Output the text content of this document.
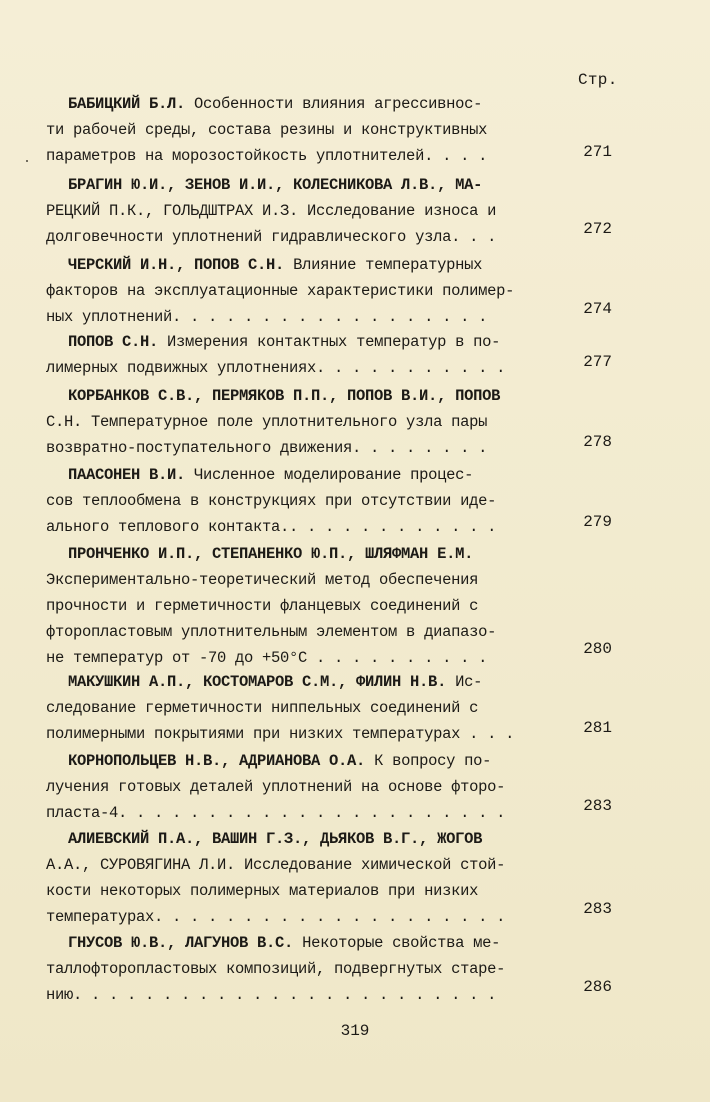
Стр.
БАБИЦКИЙ Б.Л. Особенности влияния агрессивнос-
ти рабочей среды, состава резины и конструктивных
параметров на морозостойкость уплотнителей. . . .	271
БРАГИН Ю.И., ЗЕНОВ И.И., КОЛЕСНИКОВА Л.В., МА-
РЕЦКИЙ П.К., ГОЛЬДШТРАХ И.З. Исследование износа и
долговечности уплотнений гидравлического узла. . .	272
ЧЕРСКИЙ И.Н., ПОПОВ С.Н. Влияние температурных
факторов на эксплуатационные характеристики полимер-
ных уплотнений. . . . . . . . . . . . . . . . . .	274
ПОПОВ С.Н. Измерения контактных температур в по-
лимерных подвижных уплотнениях. . . . . . . . . . .	277
КОРБАНКОВ С.В., ПЕРМЯКОВ П.П., ПОПОВ В.И., ПОПОВ
С.Н. Температурное поле уплотнительного узла пары
возвратно-поступательного движения. . . . . . . .	278
ПААСОНЕН В.И. Численное моделирование процес-
сов теплообмена в конструкциях при отсутствии иде-
ального теплового контакта.. . . . . . . . . . . .	279
ПРОНЧЕНКО И.П., СТЕПАНЕНКО Ю.П., ШЛЯФМАН Е.М.
Экспериментально-теоретический метод обеспечения
прочности и герметичности фланцевых соединений с
фторопластовым уплотнительным элементом в диапазо-
не температур от -70 до +50°С . . . . . . . . . .	280
МАКУШКИН А.П., КОСТОМАРОВ С.М., ФИЛИН Н.В. Ис-
следование герметичности ниппельных соединений с
полимерными покрытиями при низких температурах . . .	281
КОРНОПОЛЬЦЕВ Н.В., АДРИАНОВА О.А. К вопросу по-
лучения готовых деталей уплотнений на основе фторо-
пласта-4. . . . . . . . . . . . . . . . . . . . . .	283
АЛИЕВСКИЙ П.А., ВАШИН Г.З., ДЬЯКОВ В.Г., ЖОГОВ
А.А., СУРОВЯГИНА Л.И. Исследование химической стой-
кости некоторых полимерных материалов при низких
температурах. . . . . . . . . . . . . . . . . . . .	283
ГНУСОВ Ю.В., ЛАГУНОВ В.С. Некоторые свойства ме-
таллофторопластовых композиций, подвергнутых старе-
нию. . . . . . . . . . . . . . . . . . . . . . . .	286
319
